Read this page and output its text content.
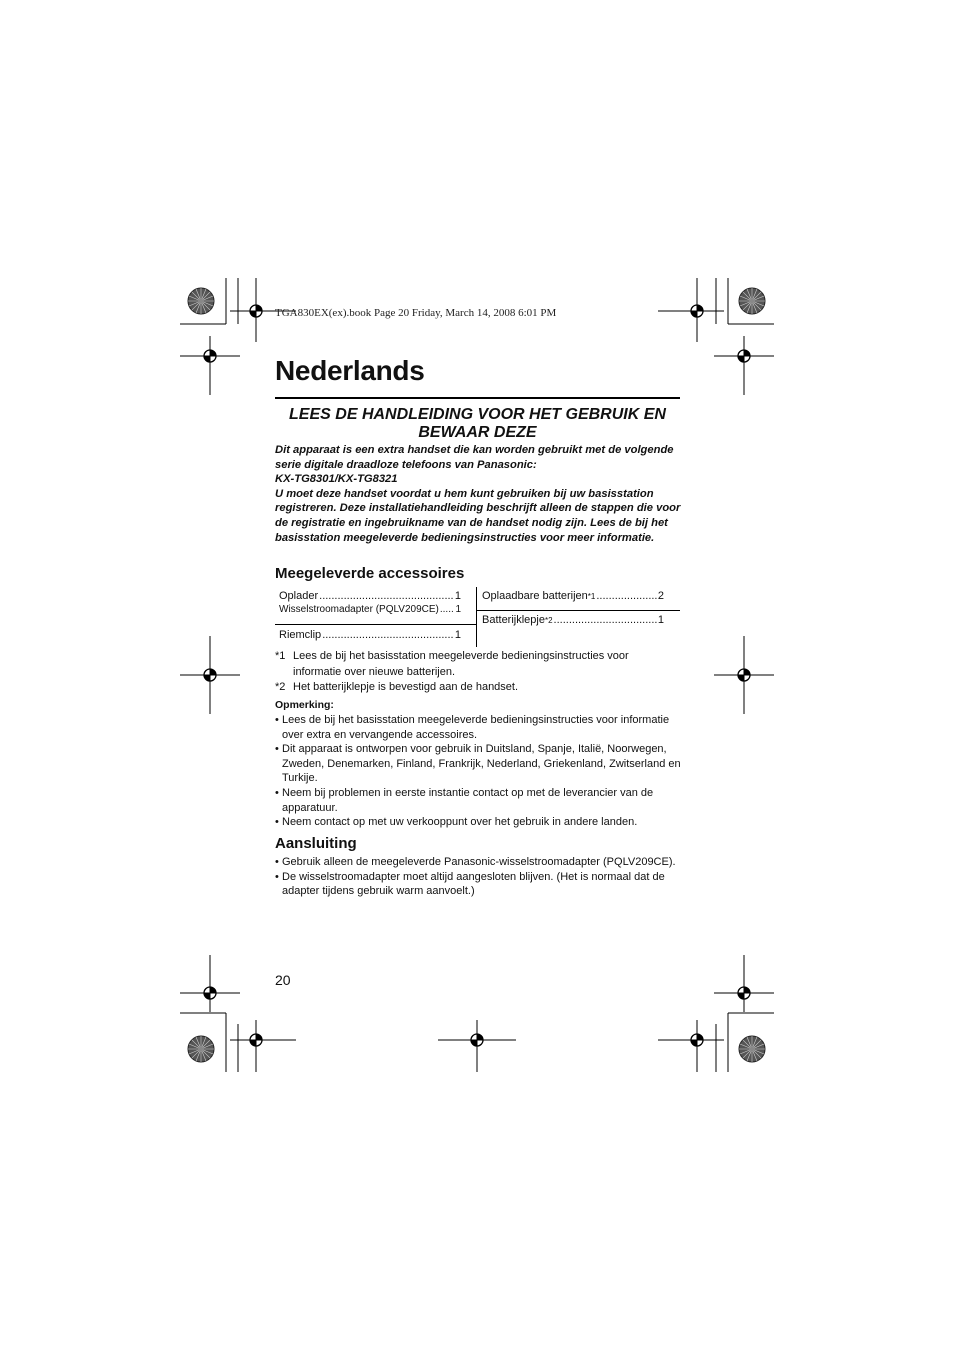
TGA830EX(ex).book Page 20 Friday, March 14, 2008 6:01 PM
Nederlands
LEES DE HANDLEIDING VOOR HET GEBRUIK EN BEWAAR DEZE

Dit apparaat is een extra handset die kan worden gebruikt met de volgende serie digitale draadloze telefoons van Panasonic:

KX-TG8301/KX-TG8321

U moet deze handset voordat u hem kunt gebruiken bij uw basisstation registreren. Deze installatiehandleiding beschrijft alleen de stappen die voor de registratie en ingebruikname van de handset nodig zijn. Lees de bij het basisstation meegeleverde bedieningsinstructies voor meer informatie.

Meegeleverde accessoires
Oplader .....	1
Wisselstroomadapter (PQLV209CE) ..... 1
Riemclip .....	1
Oplaadbare batterijen *1 .....	2
Batterijklepje *2 .....	1
*1 Lees de bij het basisstation meegeleverde bedieningsinstructies voor informatie over nieuwe batterijen.
*2 Het batterijklepje is bevestigd aan de handset.
Opmerking:
• Lees de bij het basisstation meegeleverde bedieningsinstructies voor informatie over extra en vervangende accessoires.
• Dit apparaat is ontworpen voor gebruik in Duitsland, Spanje, Italië, Noorwegen, Zweden, Denemarken, Finland, Frankrijk, Nederland, Griekenland, Zwitserland en Turkije.
• Neem bij problemen in eerste instantie contact op met de leverancier van de apparatuur.
• Neem contact op met uw verkooppunt over het gebruik in andere landen.
Aansluiting
• Gebruik alleen de meegeleverde Panasonic-wisselstroomadapter (PQLV209CE).
• De wisselstroomadapter moet altijd aangesloten blijven. (Het is normaal dat de adapter tijdens gebruik warm aanvoelt.)
20
